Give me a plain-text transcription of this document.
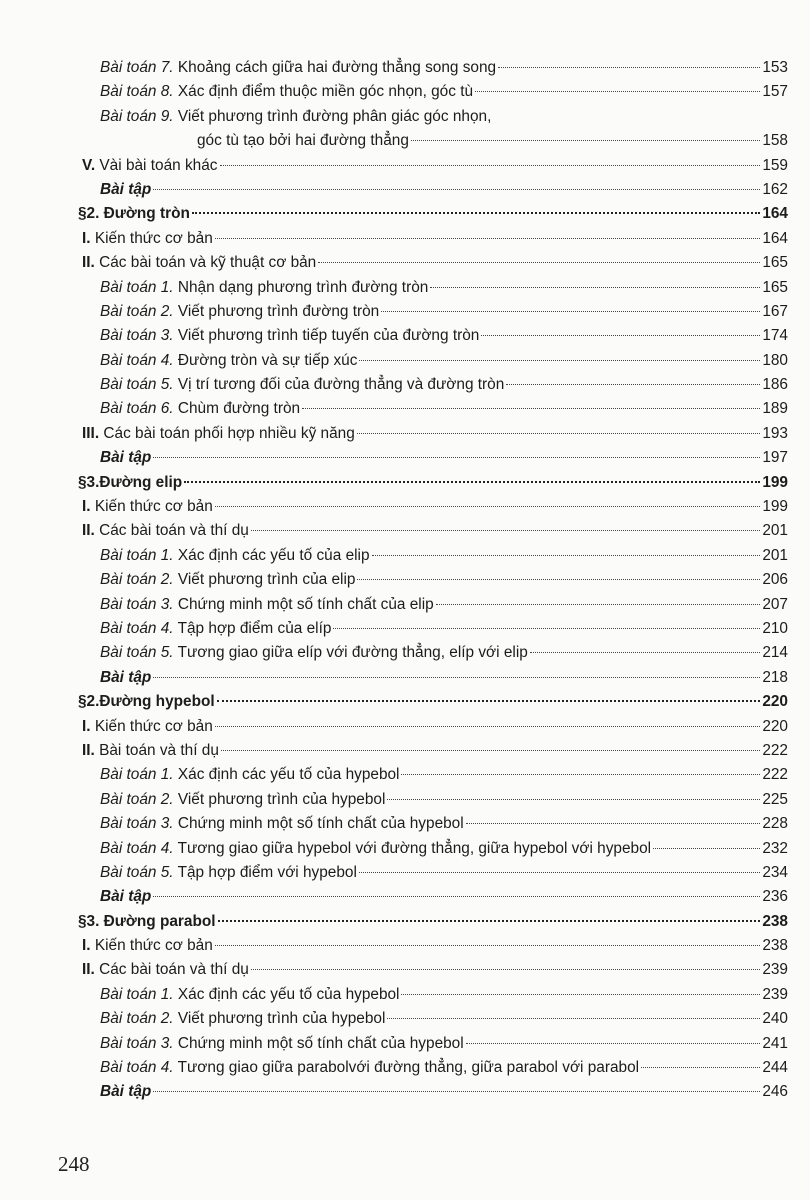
Bài toán 7. Khoảng cách giữa hai đường thẳng song song	153
Bài toán 8. Xác định điểm thuộc miền góc nhọn, góc tù	157
Bài toán 9. Viết phương trình đường phân giác góc nhọn,
góc tù tạo bởi hai đường thẳng	158
V. Vài bài toán khác	159
Bài tập	162
§2. Đường tròn	164
I. Kiến thức cơ bản	164
II. Các bài toán và kỹ thuật cơ bản	165
Bài toán 1. Nhận dạng phương trình đường tròn	165
Bài toán 2. Viết phương trình đường tròn	167
Bài toán 3. Viết phương trình tiếp tuyến của đường tròn	174
Bài toán 4. Đường tròn và sự tiếp xúc	180
Bài toán 5. Vị trí tương đối của đường thẳng và đường tròn	186
Bài toán 6. Chùm đường tròn	189
III. Các bài toán phối hợp nhiều kỹ năng	193
Bài tập	197
§3.Đường elip	199
I. Kiến thức cơ bản	199
II. Các bài toán và thí dụ	201
Bài toán 1. Xác định các yếu tố của elip	201
Bài toán 2. Viết phương trình của elip	206
Bài toán 3. Chứng minh một số tính chất của elip	207
Bài toán 4. Tập hợp điểm của elíp	210
Bài toán 5. Tương giao giữa elíp với đường thẳng, elíp với elip	214
Bài tập	218
§2.Đường hypebol	220
I. Kiến thức cơ bản	220
II. Bài toán và thí dụ	222
Bài toán 1. Xác định các yếu tố của hypebol	222
Bài toán 2. Viết phương trình của hypebol	225
Bài toán 3. Chứng minh một số tính chất của hypebol	228
Bài toán 4. Tương giao giữa hypebol với đường thẳng, giữa hypebol với hypebol	232
Bài toán 5. Tập hợp điểm với hypebol	234
Bài tập	236
§3. Đường parabol	238
I. Kiến thức cơ bản	238
II. Các bài toán và thí dụ	239
Bài toán 1. Xác định các yếu tố của hypebol	239
Bài toán 2. Viết phương trình của hypebol	240
Bài toán 3. Chứng minh một số tính chất của hypebol	241
Bài toán 4. Tương giao giữa parabolvới đường thẳng, giữa parabol với parabol	244
Bài tập	246
248
